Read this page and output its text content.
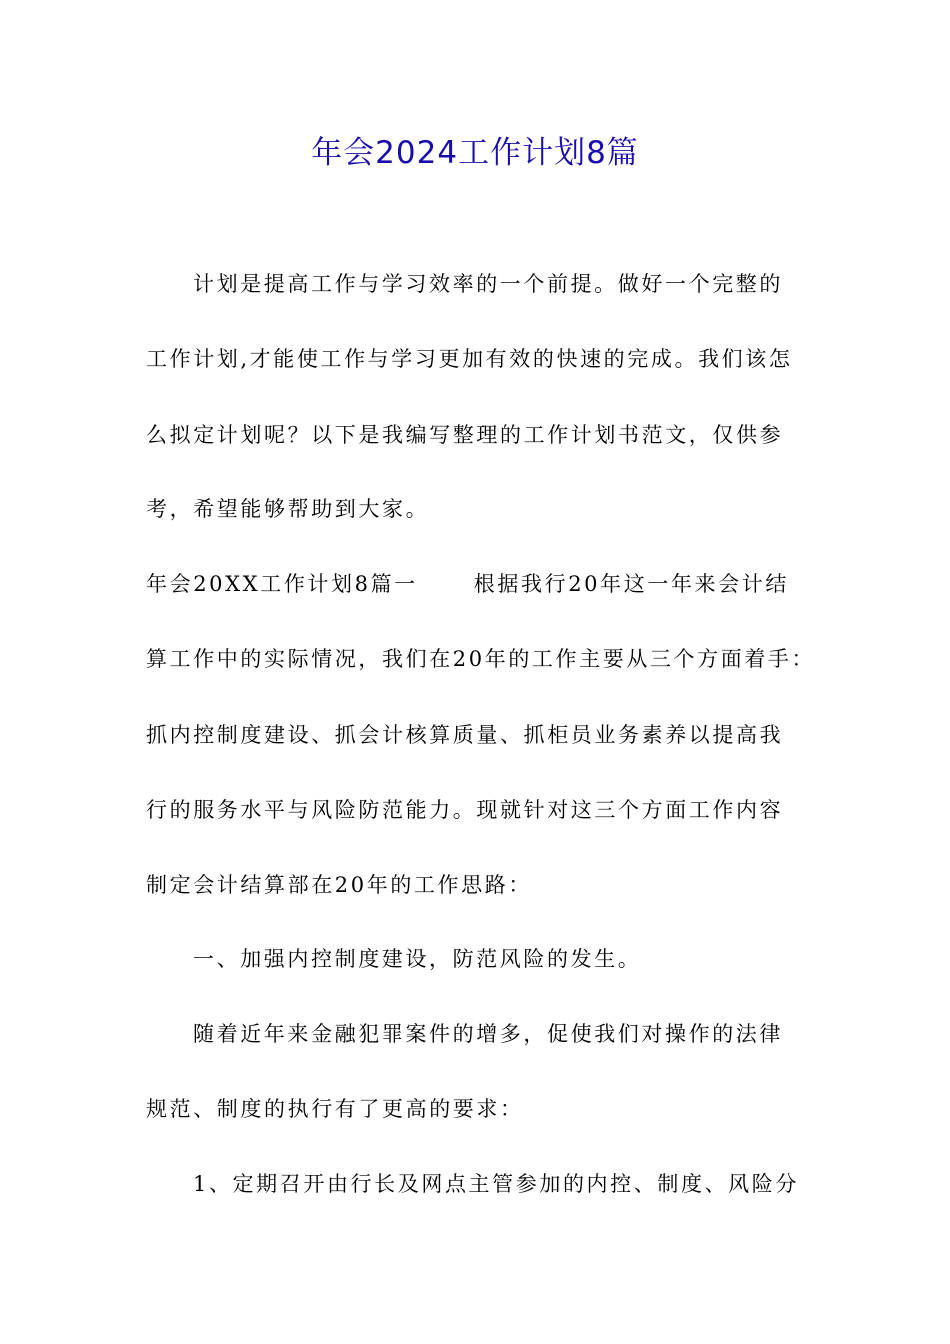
年会2024工作计划8篇
计划是提高工作与学习效率的一个前提。做好一个完整的
工作计划,才能使工作与学习更加有效的快速的完成。我们该怎
么拟定计划呢？以下是我编写整理的工作计划书范文，仅供参
考，希望能够帮助到大家。
年会20XX工作计划8篇一	根据我行20年这一年来会计结
算工作中的实际情况，我们在20年的工作主要从三个方面着手：
抓内控制度建设、抓会计核算质量、抓柜员业务素养以提高我
行的服务水平与风险防范能力。现就针对这三个方面工作内容
制定会计结算部在20年的工作思路：
一、加强内控制度建设，防范风险的发生。
随着近年来金融犯罪案件的增多，促使我们对操作的法律
规范、制度的执行有了更高的要求：
1、定期召开由行长及网点主管参加的内控、制度、风险分
